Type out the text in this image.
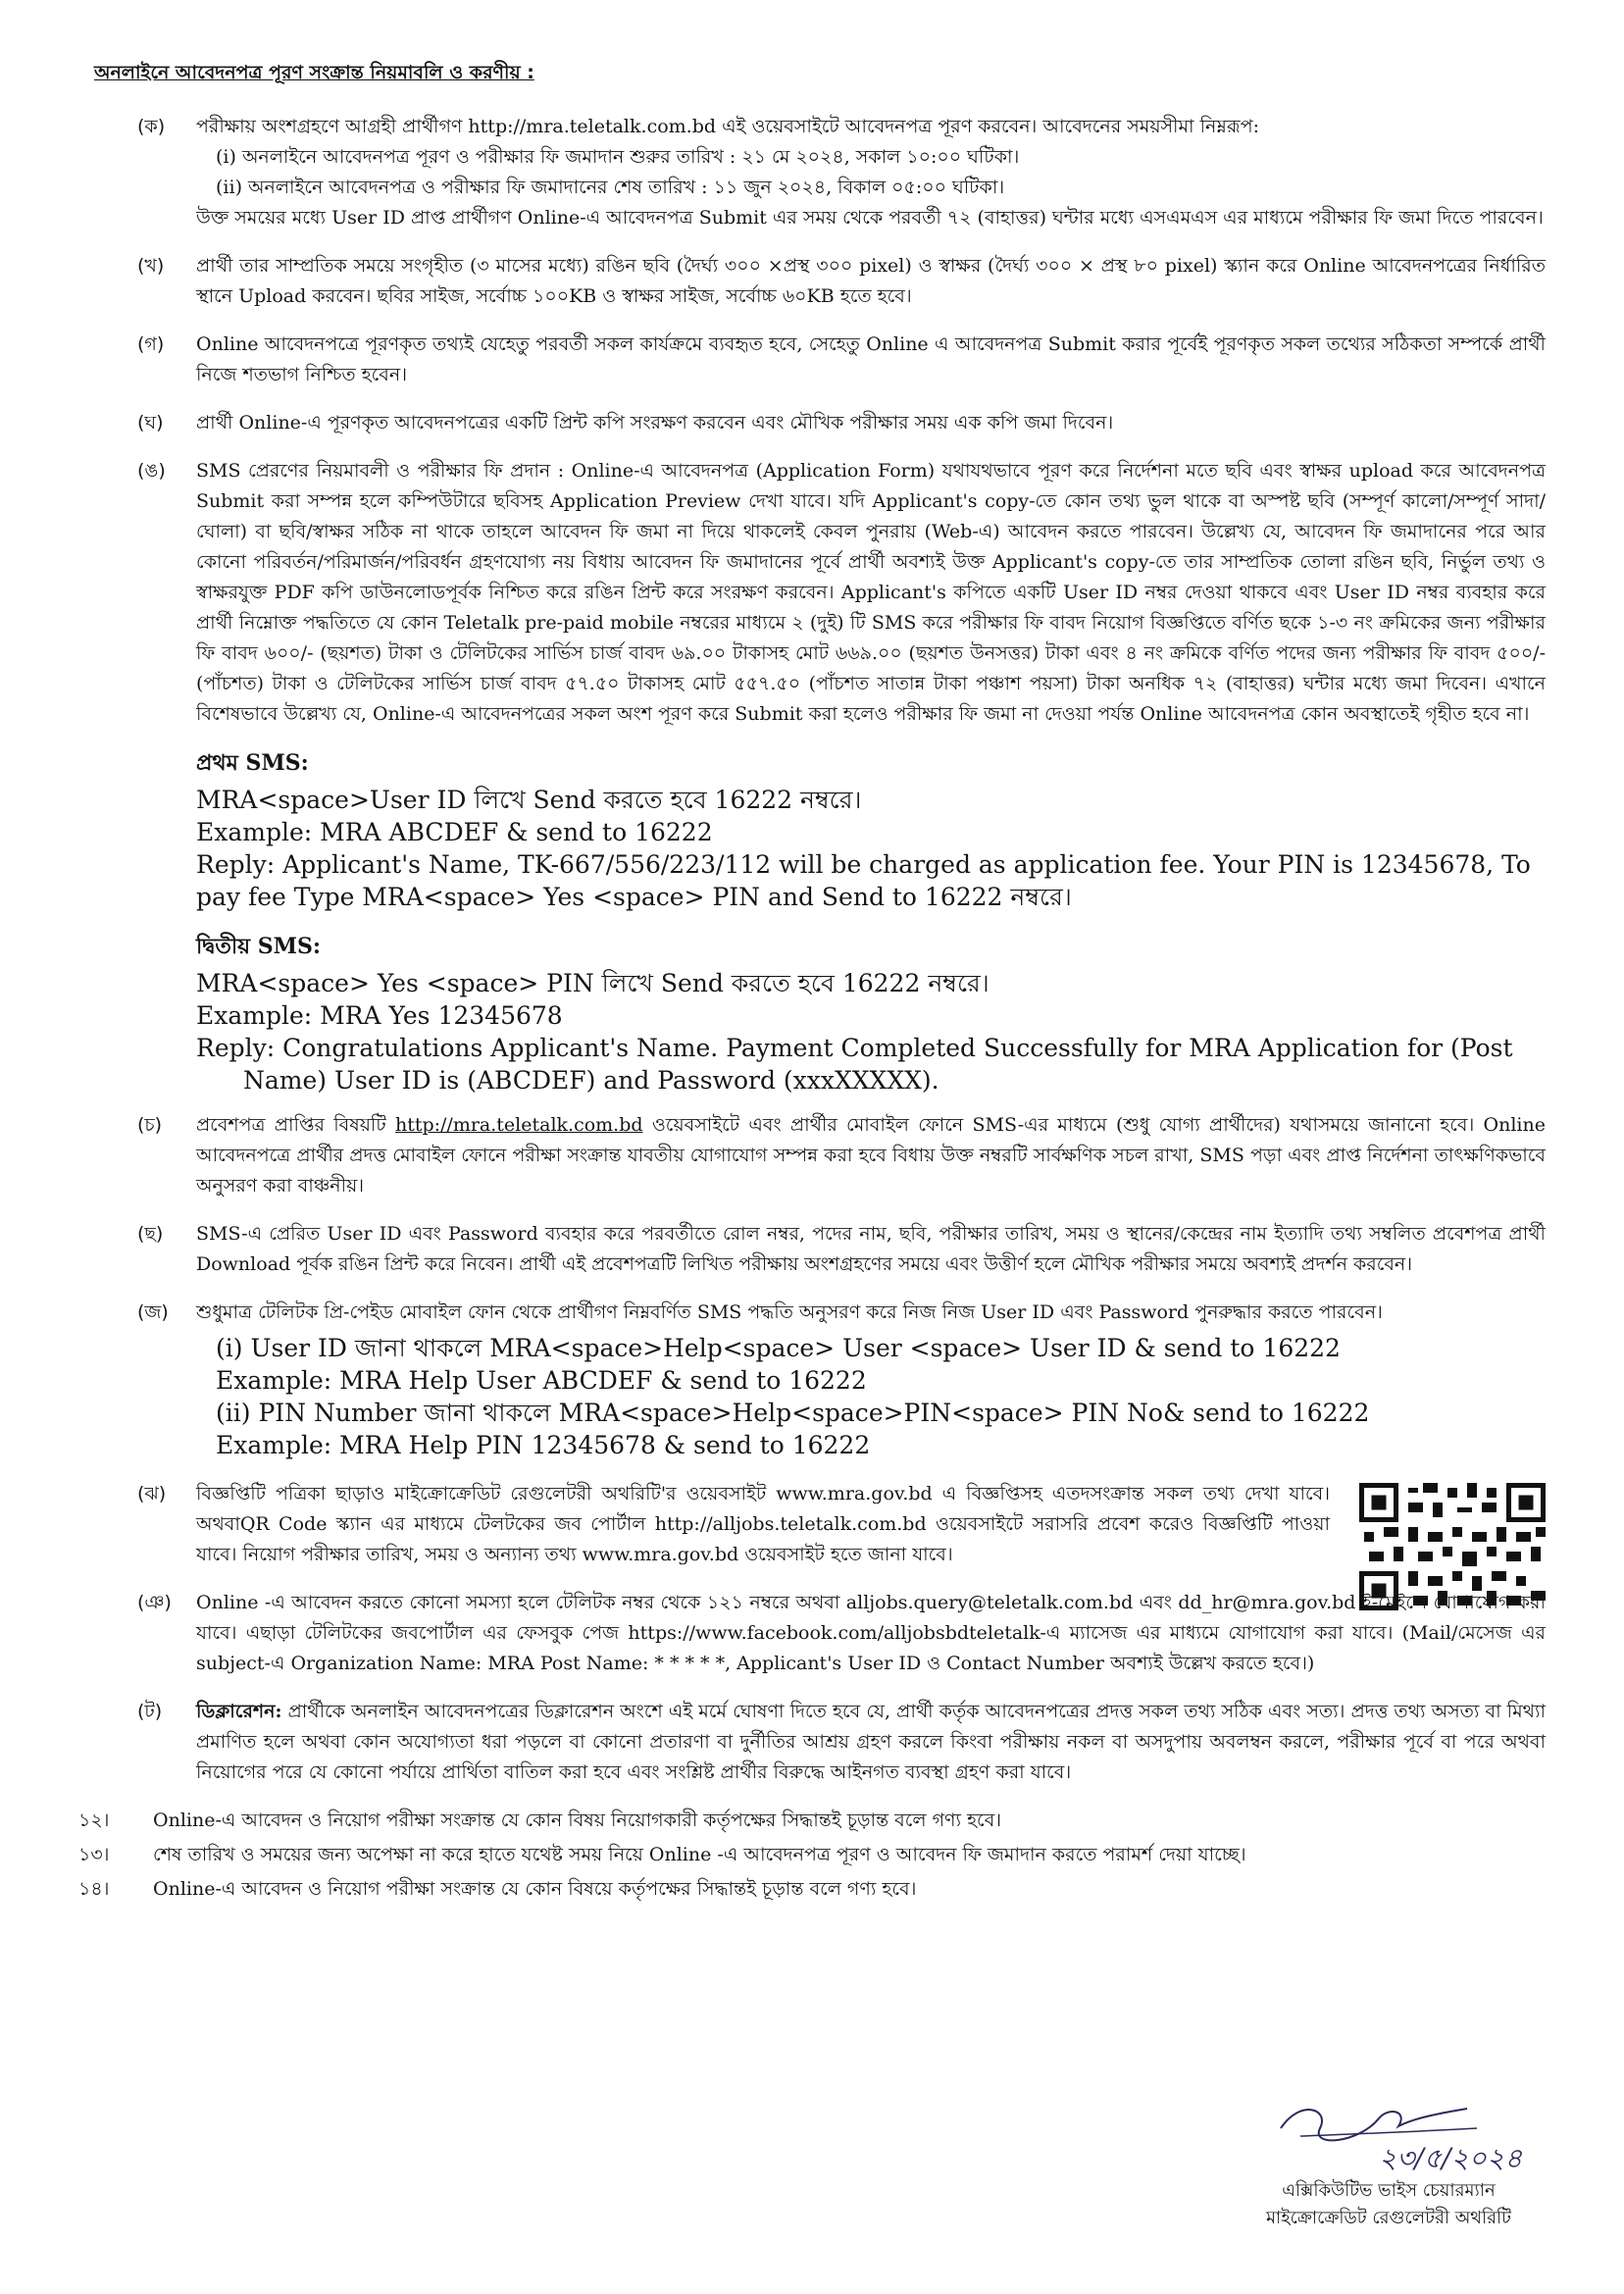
অনলাইনে আবেদনপত্র পূরণ সংক্রান্ত নিয়মাবলি ও করণীয় :
(ক) পরীক্ষায় অংশগ্রহণে আগ্রহী প্রার্থীগণ http://mra.teletalk.com.bd এই ওয়েবসাইটে আবেদনপত্র পূরণ করবেন। আবেদনের সময়সীমা নিম্নরূপ:
(i) অনলাইনে আবেদনপত্র পূরণ ও পরীক্ষার ফি জমাদান শুরুর তারিখ : ২১ মে ২০২৪, সকাল ১০:০০ ঘটিকা।
(ii) অনলাইনে আবেদনপত্র ও পরীক্ষার ফি জমাদানের শেষ তারিখ : ১১ জুন ২০২৪, বিকাল ০৫:০০ ঘটিকা।
উক্ত সময়ের মধ্যে User ID প্রাপ্ত প্রার্থীগণ Online-এ আবেদনপত্র Submit এর সময় থেকে পরবর্তী ৭২ (বাহাত্তর) ঘন্টার মধ্যে এসএমএস এর মাধ্যমে পরীক্ষার ফি জমা দিতে পারবেন।
(খ) প্রার্থী তার সাম্প্রতিক সময়ে সংগৃহীত (৩ মাসের মধ্যে) রঙিন ছবি (দৈর্ঘ্য ৩০০ ×প্রস্থ ৩০০ pixel) ও স্বাক্ষর (দৈর্ঘ্য ৩০০ × প্রস্থ ৮০ pixel) স্ক্যান করে Online আবেদনপত্রের নির্ধারিত স্থানে Upload করবেন। ছবির সাইজ, সর্বোচ্চ ১০০KB ও স্বাক্ষর সাইজ, সর্বোচ্চ ৬০KB হতে হবে।
(গ) Online আবেদনপত্রে পূরণকৃত তথ্যই যেহেতু পরবর্তী সকল কার্যক্রমে ব্যবহৃত হবে, সেহেতু Online এ আবেদনপত্র Submit করার পূর্বেই পূরণকৃত সকল তথ্যের সঠিকতা সম্পর্কে প্রার্থী নিজে শতভাগ নিশ্চিত হবেন।
(ঘ) প্রার্থী Online-এ পূরণকৃত আবেদনপত্রের একটি প্রিন্ট কপি সংরক্ষণ করবেন এবং মৌখিক পরীক্ষার সময় এক কপি জমা দিবেন।
(ঙ) SMS প্রেরণের নিয়মাবলী ও পরীক্ষার ফি প্রদান : Online-এ আবেদনপত্র (Application Form) যথাযথভাবে পূরণ করে নির্দেশনা মতে ছবি এবং স্বাক্ষর upload করে আবেদনপত্র Submit করা সম্পন্ন হলে কম্পিউটারে ছবিসহ Application Preview দেখা যাবে। যদি Applicant's copy-তে কোন তথ্য ভুল থাকে বা অস্পষ্ট ছবি (সম্পূর্ণ কালো/সম্পূর্ণ সাদা/ঘোলা) বা ছবি/স্বাক্ষর সঠিক না থাকে তাহলে আবেদন ফি জমা না দিয়ে থাকলেই কেবল পুনরায় (Web-এ) আবেদন করতে পারবেন। উল্লেখ্য যে, আবেদন ফি জমাদানের পরে আর কোনো পরিবর্তন/পরিমার্জন/পরিবর্ধন গ্রহণযোগ্য নয় বিধায় আবেদন ফি জমাদানের পূর্বে প্রার্থী অবশ্যই উক্ত Applicant's copy-তে তার সাম্প্রতিক তোলা রঙিন ছবি, নির্ভুল তথ্য ও স্বাক্ষরযুক্ত PDF কপি ডাউনলোডপূর্বক নিশ্চিত করে রঙিন প্রিন্ট করে সংরক্ষণ করবেন। Applicant's কপিতে একটি User ID নম্বর দেওয়া থাকবে এবং User ID নম্বর ব্যবহার করে প্রার্থী নিম্নোক্ত পদ্ধতিতে যে কোন Teletalk pre-paid mobile নম্বরের মাধ্যমে ২ (দুই) টি SMS করে পরীক্ষার ফি বাবদ নিয়োগ বিজ্ঞপ্তিতে বর্ণিত ছকে ১-৩ নং ক্রমিকের জন্য পরীক্ষার ফি বাবদ ৬০০/- (ছয়শত) টাকা ও টেলিটকের সার্ভিস চার্জ বাবদ ৬৯.০০ টাকাসহ মোট ৬৬৯.০০ (ছয়শত উনসত্তর) টাকা এবং ৪ নং ক্রমিকে বর্ণিত পদের জন্য পরীক্ষার ফি বাবদ ৫০০/- (পাঁচশত) টাকা ও টেলিটকের সার্ভিস চার্জ বাবদ ৫৭.৫০ টাকাসহ মোট ৫৫৭.৫০ (পাঁচশত সাতান্ন টাকা পঞ্চাশ পয়সা) টাকা অনধিক ৭২ (বাহাত্তর) ঘন্টার মধ্যে জমা দিবেন। এখানে বিশেষভাবে উল্লেখ্য যে, Online-এ আবেদনপত্রের সকল অংশ পূরণ করে Submit করা হলেও পরীক্ষার ফি জমা না দেওয়া পর্যন্ত Online আবেদনপত্র কোন অবস্থাতেই গৃহীত হবে না।
প্রথম SMS:
MRA<space>User ID লিখে Send করতে হবে 16222 নম্বরে।
Example: MRA ABCDEF & send to 16222
Reply: Applicant's Name, TK-667/556/223/112 will be charged as application fee. Your PIN is 12345678, To pay fee Type MRA<space> Yes <space> PIN and Send to 16222 নম্বরে।
দ্বিতীয় SMS:
MRA<space> Yes <space> PIN লিখে Send করতে হবে 16222 নম্বরে।
Example: MRA Yes 12345678
Reply: Congratulations Applicant's Name. Payment Completed Successfully for MRA Application for (Post Name) User ID is (ABCDEF) and Password (xxxXXXXX).
(চ) প্রবেশপত্র প্রাপ্তির বিষয়টি http://mra.teletalk.com.bd ওয়েবসাইটে এবং প্রার্থীর মোবাইল ফোনে SMS-এর মাধ্যমে (শুধু যোগ্য প্রার্থীদের) যথাসময়ে জানানো হবে। Online আবেদনপত্রে প্রার্থীর প্রদত্ত মোবাইল ফোনে পরীক্ষা সংক্রান্ত যাবতীয় যোগাযোগ সম্পন্ন করা হবে বিধায় উক্ত নম্বরটি সার্বক্ষণিক সচল রাখা, SMS পড়া এবং প্রাপ্ত নির্দেশনা তাৎক্ষণিকভাবে অনুসরণ করা বাঞ্চনীয়।
(ছ) SMS-এ প্রেরিত User ID এবং Password ব্যবহার করে পরবর্তীতে রোল নম্বর, পদের নাম, ছবি, পরীক্ষার তারিখ, সময় ও স্থানের/কেন্দ্রের নাম ইত্যাদি তথ্য সম্বলিত প্রবেশপত্র প্রার্থী Download পূর্বক রঙিন প্রিন্ট করে নিবেন। প্রার্থী এই প্রবেশপত্রটি লিখিত পরীক্ষায় অংশগ্রহণের সময়ে এবং উত্তীর্ণ হলে মৌখিক পরীক্ষার সময়ে অবশ্যই প্রদর্শন করবেন।
(জ) শুধুমাত্র টেলিটক প্রি-পেইড মোবাইল ফোন থেকে প্রার্থীগণ নিম্নবর্ণিত SMS পদ্ধতি অনুসরণ করে নিজ নিজ User ID এবং Password পুনরুদ্ধার করতে পারবেন।
(i) User ID জানা থাকলে MRA<space>Help<space> User <space> User ID & send to 16222
Example: MRA Help User ABCDEF & send to 16222
(ii) PIN Number জানা থাকলে MRA<space>Help<space>PIN<space> PIN No& send to 16222
Example: MRA Help PIN 12345678 & send to 16222
(ঝ) বিজ্ঞপ্তিটি পত্রিকা ছাড়াও মাইক্রোক্রেডিট রেগুলেটরী অথরিটি'র ওয়েবসাইট www.mra.gov.bd এ বিজ্ঞপ্তিসহ এতদসংক্রান্ত সকল তথ্য দেখা যাবে। অথবাQR Code স্ক্যান এর মাধ্যমে টেলটকের জব পোর্টাল http://alljobs.teletalk.com.bd ওয়েবসাইটে সরাসরি প্রবেশ করেও বিজ্ঞপ্তিটি পাওয়া যাবে। নিয়োগ পরীক্ষার তারিখ, সময় ও অন্যান্য তথ্য www.mra.gov.bd ওয়েবসাইট হতে জানা যাবে।
(ঞ) Online -এ আবেদন করতে কোনো সমস্যা হলে টেলিটক নম্বর থেকে ১২১ নম্বরে অথবা alljobs.query@teletalk.com.bd এবং dd_hr@mra.gov.bd ই-মেইলে যোগাযোগ করা যাবে। এছাড়া টেলিটকের জবপোর্টাল এর ফেসবুক পেজ https://www.facebook.com/alljobsbdteletalk-এ ম্যাসেজ এর মাধ্যমে যোগাযোগ করা যাবে। (Mail/মেসেজ এর subject-এ Organization Name: MRA Post Name: * * * * *, Applicant's User ID ও Contact Number অবশ্যই উল্লেখ করতে হবে।)
(ট) ডিক্লারেশন: প্রার্থীকে অনলাইন আবেদনপত্রের ডিক্লারেশন অংশে এই মর্মে ঘোষণা দিতে হবে যে, প্রার্থী কর্তৃক আবেদনপত্রের প্রদত্ত সকল তথ্য সঠিক এবং সত্য। প্রদত্ত তথ্য অসত্য বা মিথ্যা প্রমাণিত হলে অথবা কোন অযোগ্যতা ধরা পড়লে বা কোনো প্রতারণা বা দুর্নীতির আশ্রয় গ্রহণ করলে কিংবা পরীক্ষায় নকল বা অসদুপায় অবলম্বন করলে, পরীক্ষার পূর্বে বা পরে অথবা নিয়োগের পরে যে কোনো পর্যায়ে প্রার্থিতা বাতিল করা হবে এবং সংশ্লিষ্ট প্রার্থীর বিরুদ্ধে আইনগত ব্যবস্থা গ্রহণ করা যাবে।
১২। Online-এ আবেদন ও নিয়োগ পরীক্ষা সংক্রান্ত যে কোন বিষয় নিয়োগকারী কর্তৃপক্ষের সিদ্ধান্তই চূড়ান্ত বলে গণ্য হবে।
১৩। শেষ তারিখ ও সময়ের জন্য অপেক্ষা না করে হাতে যথেষ্ট সময় নিয়ে Online -এ আবেদনপত্র পূরণ ও আবেদন ফি জমাদান করতে পরামর্শ দেয়া যাচ্ছে।
১৪। Online-এ আবেদন ও নিয়োগ পরীক্ষা সংক্রান্ত যে কোন বিষয়ে কর্তৃপক্ষের সিদ্ধান্তই চূড়ান্ত বলে গণ্য হবে।
২৩/৫/২০২৪
এক্সিকিউটিভ ভাইস চেয়ারম্যান
মাইক্রোক্রেডিট রেগুলেটরী অথরিটি
